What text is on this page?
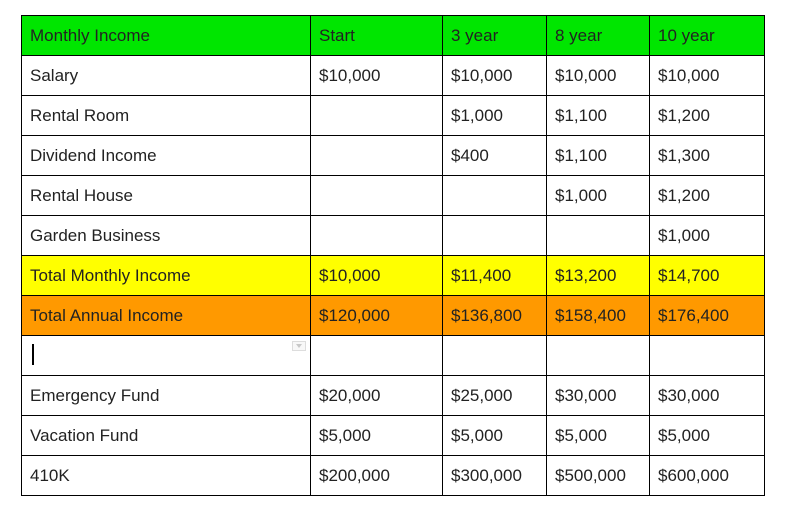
Monthly Income	Start	3 year	8 year	10 year
Salary	$10,000	$10,000	$10,000	$10,000
Rental Room		$1,000	$1,100	$1,200
Dividend Income		$400	$1,100	$1,300
Rental House			$1,000	$1,200
Garden Business				$1,000
Total Monthly Income	$10,000	$11,400	$13,200	$14,700
Total Annual Income	$120,000	$136,800	$158,400	$176,400

Emergency Fund	$20,000	$25,000	$30,000	$30,000
Vacation Fund	$5,000	$5,000	$5,000	$5,000
410K	$200,000	$300,000	$500,000	$600,000
